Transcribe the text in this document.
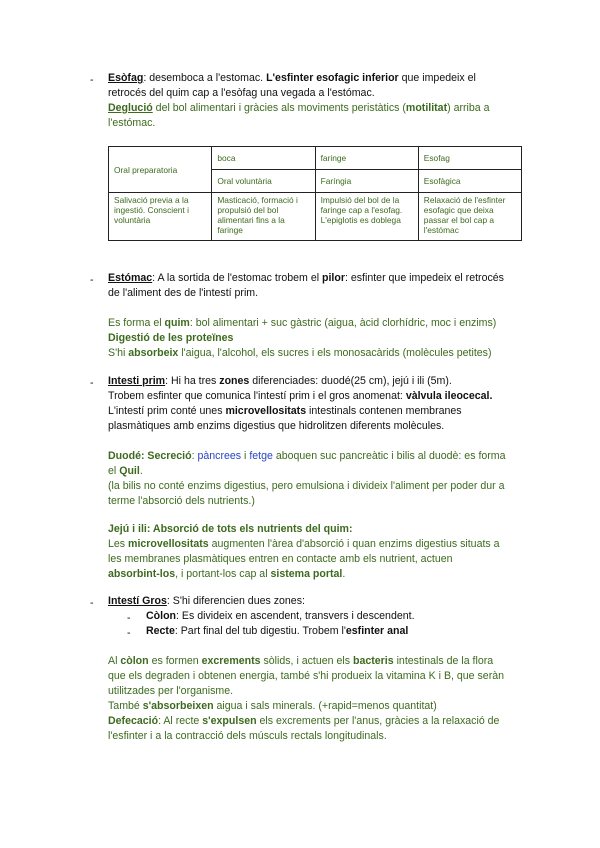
- Esòfag: desemboca a l'estomac. L'esfinter esofagic inferior que impedeix el
retrocés del quim cap a l'esòfag una vegada a l'estómac.
Deglució del bol alimentari i gràcies als moviments peristàtics (motilitat) arriba a
l'estómac.
Oral preparatoria	boca	faringe	Esofag
	Oral voluntària	Faríngia	Esofàgica
Salivació previa a la ingestió. Conscient i voluntària	Masticació, formació i propulsió del bol alimentari fins a la faringe	Impulsió del bol de la faringe cap a l'esofag. L'epiglotis es doblega	Relaxació de l'esfinter esofagic que deixa passar el bol cap a l'estómac
- Estómac: A la sortida de l'estomac trobem el pilor: esfinter que impedeix el retrocés
de l'aliment des de l'intestí prim.
Es forma el quim: bol alimentari + suc gàstric (aigua, àcid clorhídric, moc i enzims)
Digestió de les proteïnes
S'hi absorbeix l'aigua, l'alcohol, els sucres i els monosacàrids (molècules petites)
- Intesti prim: Hi ha tres zones diferenciades: duodé(25 cm), jejú i ili (5m).
Trobem esfinter que comunica l'intestí prim i el gros anomenat: vàlvula ileocecal.
L'intestí prim conté unes microvellositats intestinals contenen membranes
plasmàtiques amb enzims digestius que hidrolitzen diferents molècules.
Duodé: Secreció: pàncrees i fetge aboquen suc pancreàtic i bilis al duodè: es forma
el Quil.
(la bilis no conté enzims digestius, pero emulsiona i divideix l'aliment per poder dur a
terme l'absorció dels nutrients.)
Jejú i ili: Absorció de tots els nutrients del quim:
Les microvellositats augmenten l'àrea d'absorció i quan enzims digestius situats a
les membranes plasmàtiques entren en contacte amb els nutrient, actuen
absorbint-los, i portant-los cap al sistema portal.
- Intestí Gros: S'hi diferencien dues zones:
- Còlon: Es divideix en ascendent, transvers i descendent.
- Recte: Part final del tub digestiu. Trobem l'esfinter anal
Al còlon es formen excrements sòlids, i actuen els bacteris intestinals de la flora
que els degraden i obtenen energia, també s'hi produeix la vitamina K i B, que seràn
utilitzades per l'organisme.
També s'absorbeixen aigua i sals minerals. (+rapid=menos quantitat)
Defecació: Al recte s'expulsen els excrements per l'anus, gràcies a la relaxació de
l'esfinter i a la contracció dels músculs rectals longitudinals.
